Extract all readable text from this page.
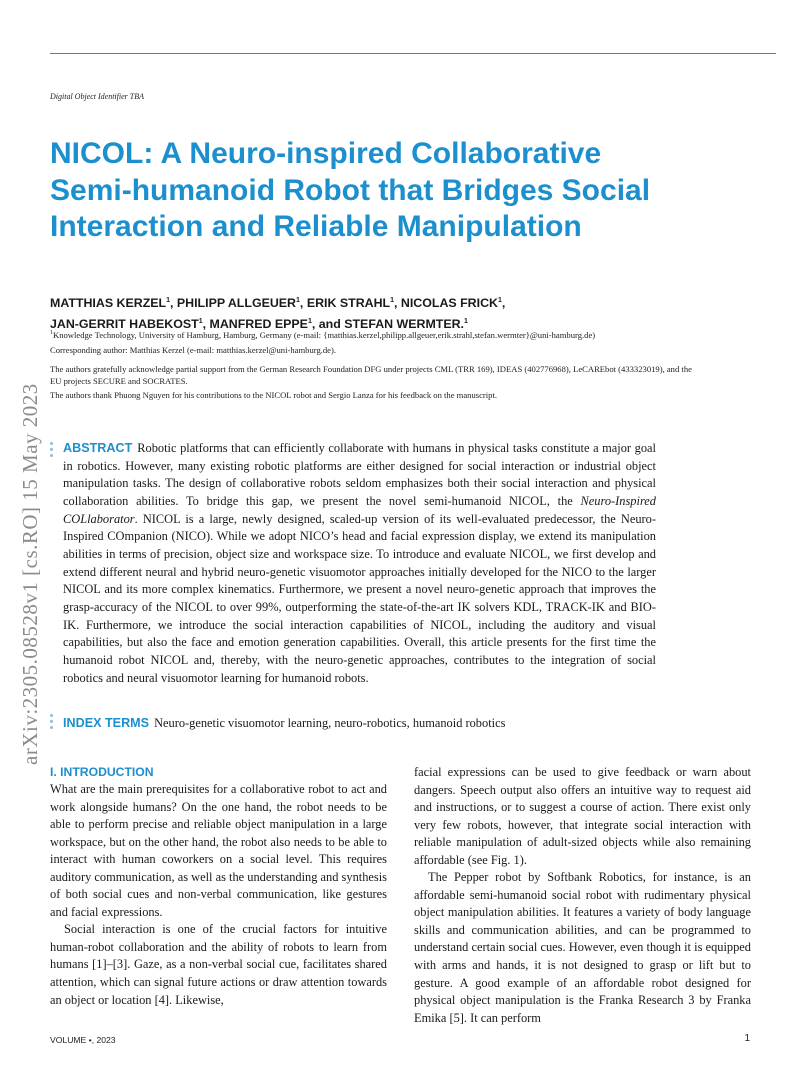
Digital Object Identifier TBA
NICOL: A Neuro-inspired Collaborative Semi-humanoid Robot that Bridges Social Interaction and Reliable Manipulation
MATTHIAS KERZEL$^1$, PHILIPP ALLGEUER$^1$, ERIK STRAHL$^1$, NICOLAS FRICK$^1$,
JAN-GERRIT HABEKOST$^1$, MANFRED EPPE$^1$, and STEFAN WERMTER.$^1$
$^1$Knowledge Technology, University of Hamburg, Hamburg, Germany (e-mail: {matthias.kerzel,philipp.allgeuer,erik.strahl,stefan.wermter}@uni-hamburg.de)
Corresponding author: Matthias Kerzel (e-mail: matthias.kerzel@uni-hamburg.de).
The authors gratefully acknowledge partial support from the German Research Foundation DFG under projects CML (TRR 169), IDEAS (402776968), LeCAREbot (433323019), and the EU projects SECURE and SOCRATES.
The authors thank Phuong Nguyen for his contributions to the NICOL robot and Sergio Lanza for his feedback on the manuscript.
arXiv:2305.08528v1 [cs.RO] 15 May 2023 ABSTRACT Robotic platforms that can efficiently collaborate with humans in physical tasks constitute a major goal in robotics. However, many existing robotic platforms are either designed for social interaction or industrial object manipulation tasks. The design of collaborative robots seldom emphasizes both their social interaction and physical collaboration abilities. To bridge this gap, we present the novel semi-humanoid NICOL, the Neuro-Inspired COLlaborator. NICOL is a large, newly designed, scaled-up version of its well-evaluated predecessor, the Neuro-Inspired COmpanion (NICO). While we adopt NICO’s head and facial expression display, we extend its manipulation abilities in terms of precision, object size and workspace size. To introduce and evaluate NICOL, we first develop and extend different neural and hybrid neuro-genetic visuomotor approaches initially developed for the NICO to the larger NICOL and its more complex kinematics. Furthermore, we present a novel neuro-genetic approach that improves the grasp-accuracy of the NICOL to over 99%, outperforming the state-of-the-art IK solvers KDL, TRACK-IK and BIO-IK. Furthermore, we introduce the social interaction capabilities of NICOL, including the auditory and visual capabilities, but also the face and emotion generation capabilities. Overall, this article presents for the first time the humanoid robot NICOL and, thereby, with the neuro-genetic approaches, contributes to the integration of social robotics and neural visuomotor learning for humanoid robots.

INDEX TERMS Neuro-genetic visuomotor learning, neuro-robotics, humanoid robotics
I. INTRODUCTION

What are the main prerequisites for a collaborative robot to act and work alongside humans? On the one hand, the robot needs to be able to perform precise and reliable object manipulation in a large workspace, but on the other hand, the robot also needs to be able to interact with human coworkers on a social level. This requires auditory communication, as well as the understanding and synthesis of both social cues and non-verbal communication, like gestures and facial expressions.

Social interaction is one of the crucial factors for intuitive human-robot collaboration and the ability of robots to learn from humans [1]–[3]. Gaze, as a non-verbal social cue, facilitates shared attention, which can signal future actions or draw attention towards an object or location [4]. Likewise,

facial expressions can be used to give feedback or warn about dangers. Speech output also offers an intuitive way to request aid and instructions, or to suggest a course of action. There exist only very few robots, however, that integrate social interaction with reliable manipulation of adult-sized objects while also remaining affordable (see Fig. 1).

The Pepper robot by Softbank Robotics, for instance, is an affordable semi-humanoid social robot with rudimentary physical object manipulation abilities. It features a variety of body language skills and communication abilities, and can be programmed to understand certain social cues. However, even though it is equipped with arms and hands, it is not designed to grasp or lift but to gesture. A good example of an affordable robot designed for physical object manipulation is the Franka Research 3 by Franka Emika [5]. It can perform

VOLUME •, 2023	1
